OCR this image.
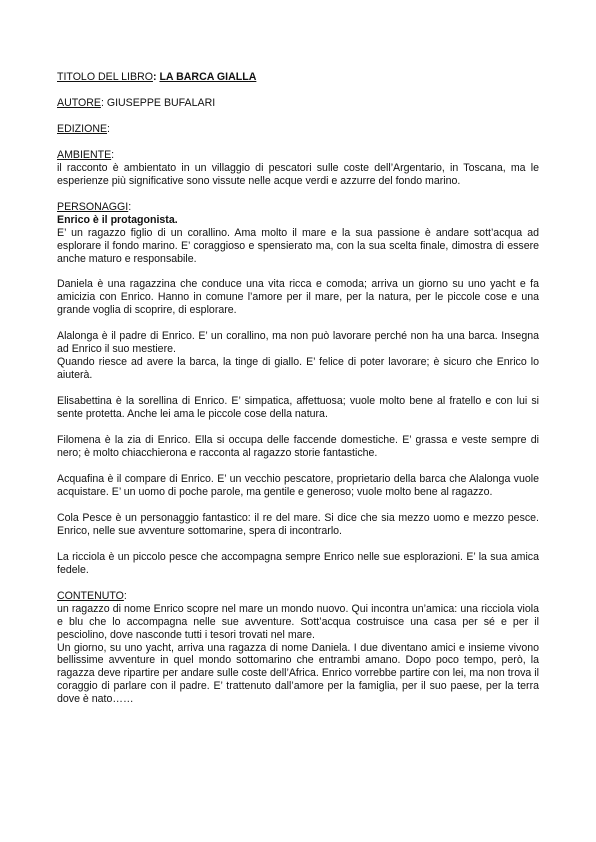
TITOLO DEL LIBRO: LA BARCA GIALLA
AUTORE: GIUSEPPE BUFALARI
EDIZIONE:
AMBIENTE:

il racconto è ambientato in un villaggio di pescatori sulle coste dell’Argentario, in Toscana, ma le esperienze più significative sono vissute nelle acque verdi e azzurre del fondo marino.

PERSONAGGI:

Enrico è il protagonista.

E’ un ragazzo figlio di un corallino. Ama molto il mare e la sua passione è andare sott’acqua ad esplorare il fondo marino. E’ coraggioso e spensierato ma, con la sua scelta finale, dimostra di essere anche maturo e responsabile.

Daniela è una ragazzina che conduce una vita ricca e comoda; arriva un giorno su uno yacht e fa amicizia con Enrico. Hanno in comune l’amore per il mare, per la natura, per le piccole cose e una grande voglia di scoprire, di esplorare.

Alalonga è il padre di Enrico. E’ un corallino, ma non può lavorare perché non ha una barca. Insegna ad Enrico il suo mestiere.

Quando riesce ad avere la barca, la tinge di giallo. E’ felice di poter lavorare; è sicuro che Enrico lo aiuterà.

Elisabettina è la sorellina di Enrico. E’ simpatica, affettuosa; vuole molto bene al fratello e con lui si sente protetta. Anche lei ama le piccole cose della natura.

Filomena è la zia di Enrico. Ella si occupa delle faccende domestiche. E’ grassa e veste sempre di nero; è molto chiacchierona e racconta al ragazzo storie fantastiche.

Acquafina è il compare di Enrico. E’ un vecchio pescatore, proprietario della barca che Alalonga vuole acquistare. E’ un uomo di poche parole, ma gentile e generoso; vuole molto bene al ragazzo.

Cola Pesce è un personaggio fantastico: il re del mare. Si dice che sia mezzo uomo e mezzo pesce. Enrico, nelle sue avventure sottomarine, spera di incontrarlo.

La ricciola è un piccolo pesce che accompagna sempre Enrico nelle sue esplorazioni. E’ la sua amica fedele.

CONTENUTO:

un ragazzo di nome Enrico scopre nel mare un mondo nuovo. Qui incontra un’amica: una ricciola viola e blu che lo accompagna nelle sue avventure. Sott’acqua costruisce una casa per sé e per il pesciolino, dove nasconde tutti i tesori trovati nel mare.

Un giorno, su uno yacht, arriva una ragazza di nome Daniela. I due diventano amici e insieme vivono bellissime avventure in quel mondo sottomarino che entrambi amano. Dopo poco tempo, però, la ragazza deve ripartire per andare sulle coste dell’Africa. Enrico vorrebbe partire con lei, ma non trova il coraggio di parlare con il padre. E’ trattenuto dall’amore per la famiglia, per il suo paese, per la terra dove è nato……
